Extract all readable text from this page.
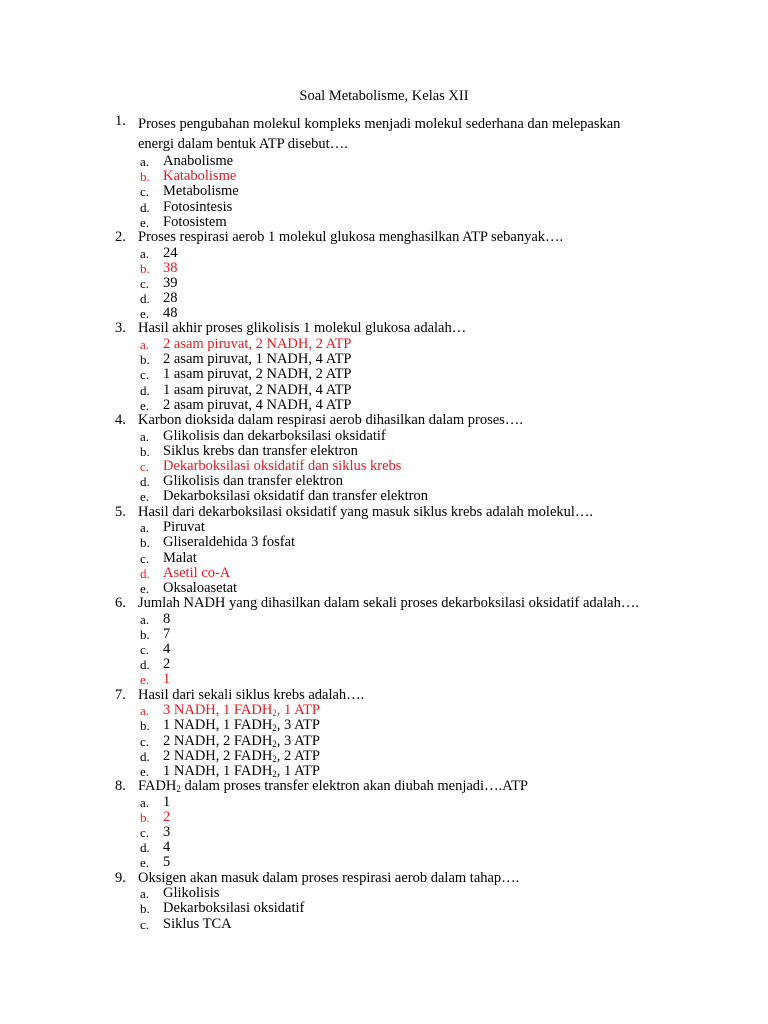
Soal Metabolisme, Kelas XII
1. Proses pengubahan molekul kompleks menjadi molekul sederhana dan melepaskan energi dalam bentuk ATP disebut….
a. Anabolisme
b. Katabolisme
c. Metabolisme
d. Fotosintesis
e. Fotosistem
2. Proses respirasi aerob 1 molekul glukosa menghasilkan ATP sebanyak….
a. 24
b. 38
c. 39
d. 28
e. 48
3. Hasil akhir proses glikolisis 1 molekul glukosa adalah…
a. 2 asam piruvat, 2 NADH, 2 ATP
b. 2 asam piruvat, 1 NADH, 4 ATP
c. 1 asam piruvat, 2 NADH, 2 ATP
d. 1 asam piruvat, 2 NADH, 4 ATP
e. 2 asam piruvat, 4 NADH, 4 ATP
4. Karbon dioksida dalam respirasi aerob dihasilkan dalam proses….
a. Glikolisis dan dekarboksilasi oksidatif
b. Siklus krebs dan transfer elektron
c. Dekarboksilasi oksidatif dan siklus krebs
d. Glikolisis dan transfer elektron
e. Dekarboksilasi oksidatif dan transfer elektron
5. Hasil dari dekarboksilasi oksidatif yang masuk siklus krebs adalah molekul….
a. Piruvat
b. Gliseraldehida 3 fosfat
c. Malat
d. Asetil co-A
e. Oksaloasetat
6. Jumlah NADH yang dihasilkan dalam sekali proses dekarboksilasi oksidatif adalah….
a. 8
b. 7
c. 4
d. 2
e. 1
7. Hasil dari sekali siklus krebs adalah….
a. 3 NADH, 1 $FADH_2$, 1 ATP
b. 1 NADH, 1 $FADH_2$, 3 ATP
c. 2 NADH, 2 $FADH_2$, 3 ATP
d. 2 NADH, 2 $FADH_2$, 2 ATP
e. 1 NADH, 1 $FADH_2$, 1 ATP
8. $FADH_2$ dalam proses transfer elektron akan diubah menjadi….ATP
a. 1
b. 2
c. 3
d. 4
e. 5
9. Oksigen akan masuk dalam proses respirasi aerob dalam tahap….
a. Glikolisis
b. Dekarboksilasi oksidatif
c. Siklus TCA
